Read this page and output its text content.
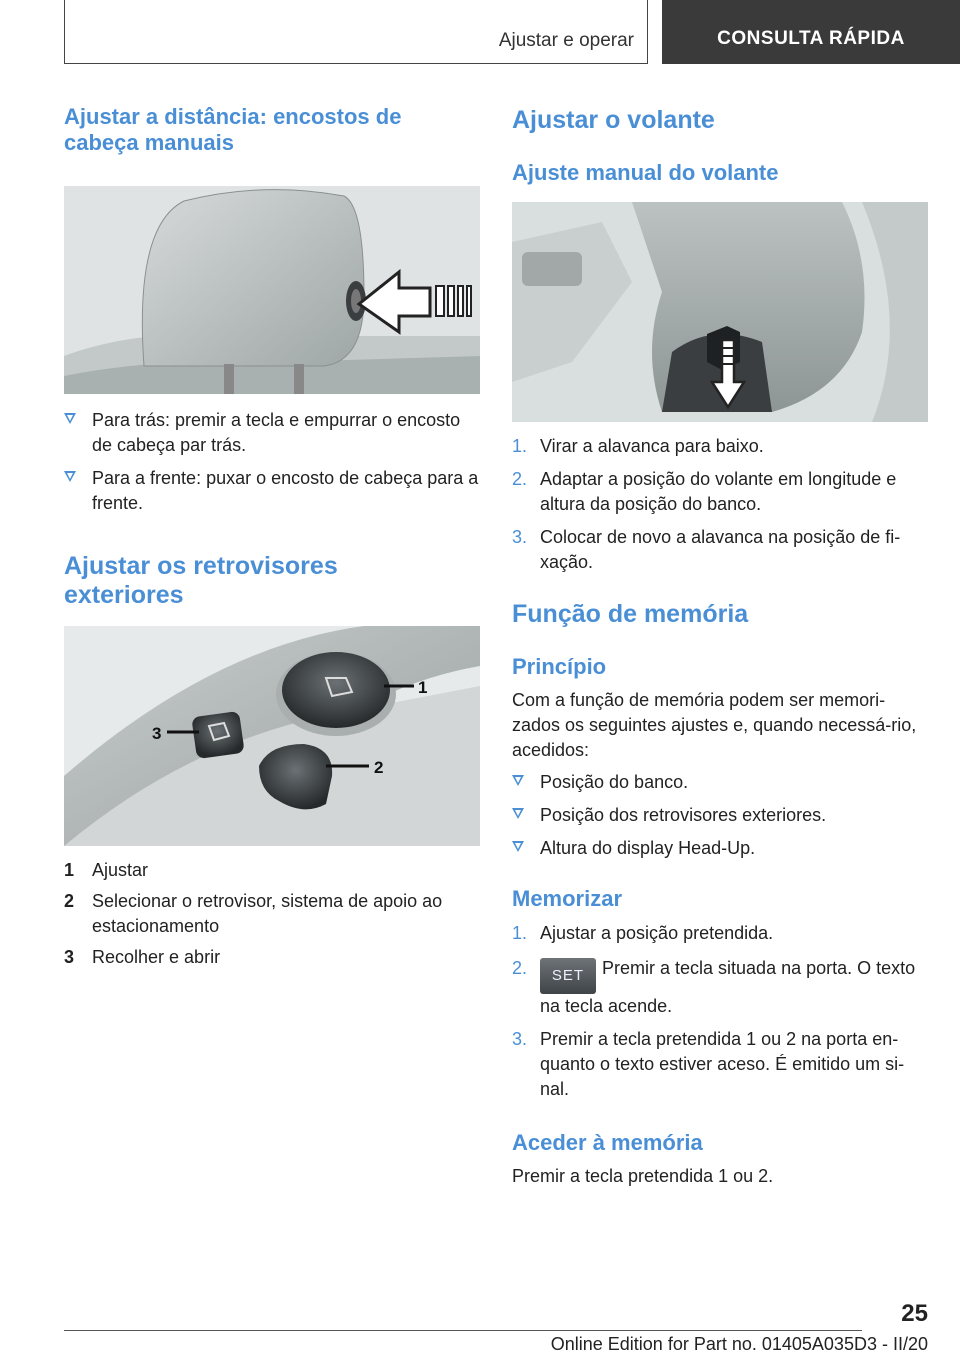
Ajustar e operar	CONSULTA RÁPIDA
Ajustar a distância: encostos de cabeça manuais
Para trás: premir a tecla e empurrar o encosto de cabeça par trás.
Para a frente: puxar o encosto de cabeça para a frente.
Ajustar os retrovisores exteriores
1
2
3
1 Ajustar
2 Selecionar o retrovisor, sistema de apoio ao estacionamento
3 Recolher e abrir
Ajustar o volante
Ajuste manual do volante
1. Virar a alavanca para baixo.
2. Adaptar a posição do volante em longitude e altura da posição do banco.
3. Colocar de novo a alavanca na posição de fi‐xação.
Função de memória
Princípio

Com a função de memória podem ser memori‐zados os seguintes ajustes e, quando necessá‐rio, acedidos:

Posição do banco.
Posição dos retrovisores exteriores.
Altura do display Head-Up.
Memorizar
1. Ajustar a posição pretendida.
2. SET Premir a tecla situada na porta. O texto na tecla acende.
3. Premir a tecla pretendida 1 ou 2 na porta en‐quanto o texto estiver aceso. É emitido um si‐nal.
Aceder à memória

Premir a tecla pretendida 1 ou 2.

25
Online Edition for Part no. 01405A035D3 - II/20
